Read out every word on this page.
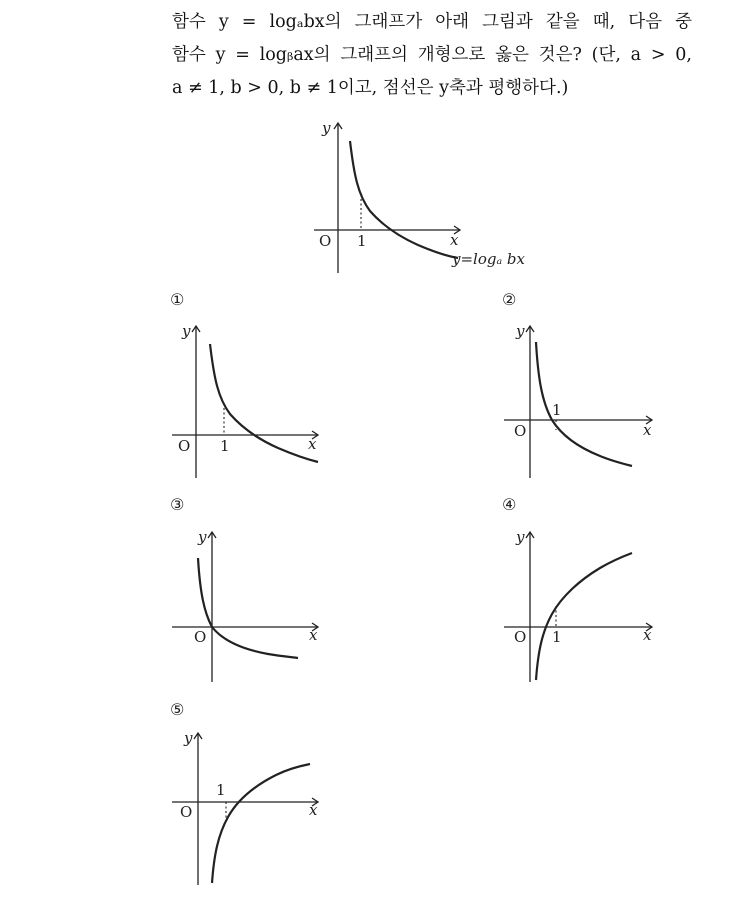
함수 y = logₐbx의 그래프가 아래 그림과 같을 때, 다음 중
함수 y = logᵦax의 그래프의 개형으로 옳은 것은? (단, a > 0,
a ≠ 1, b > 0, b ≠ 1이고, 점선은 y축과 평행하다.)
y
x
O 1
y=logₐ bx
①
y
x
O 1
②
y
x
O
1
③
y
x
O
④
y
x
O 1
⑤
y
x
O
1
